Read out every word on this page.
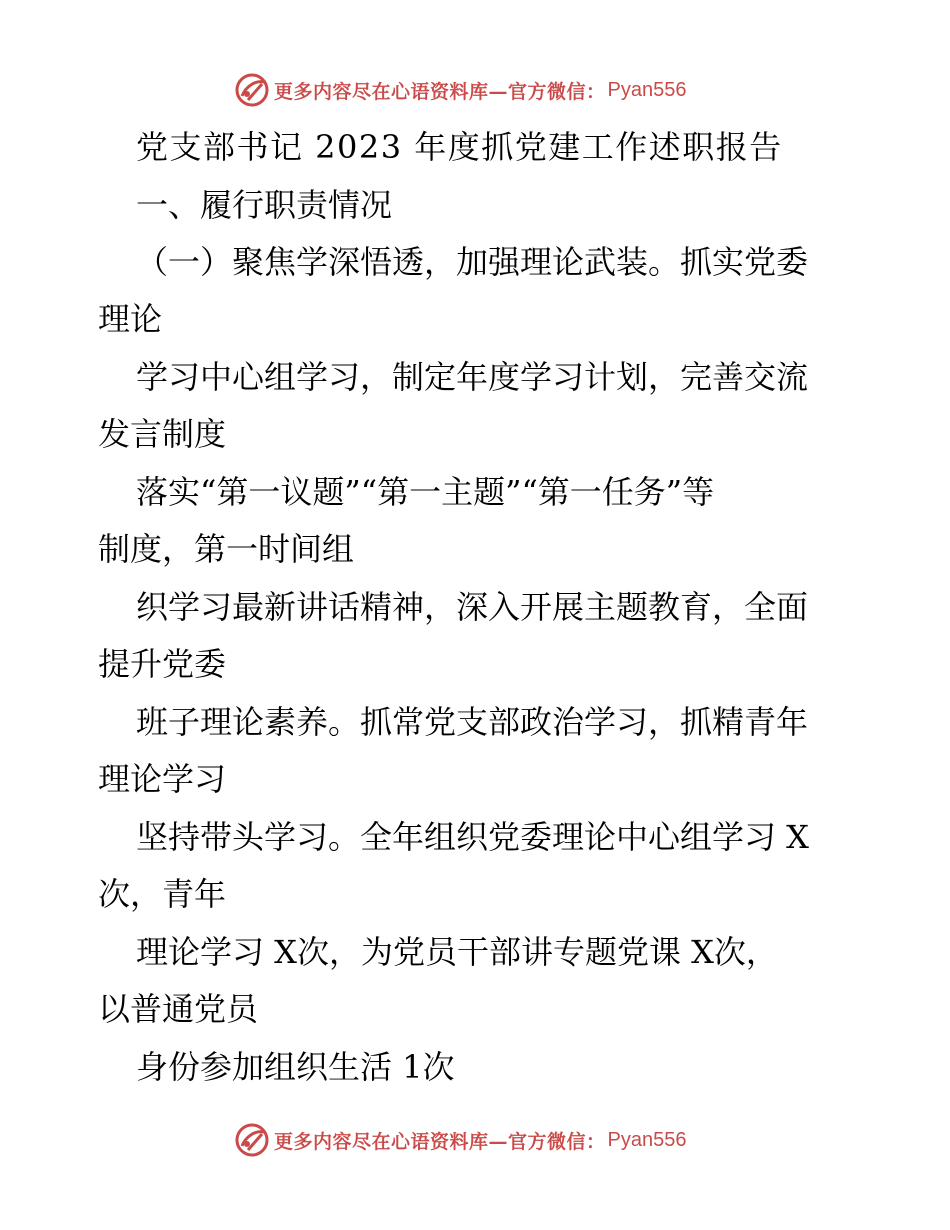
更多内容尽在心语资料库—官方微信： Pyan556
党支部书记 2023 年度抓党建工作述职报告
一、履行职责情况
（一）聚焦学深悟透，加强理论武装。抓实党委
理论
学习中心组学习，制定年度学习计划，完善交流
发言制度
落实“第一议题”“第一主题”“第一任务”等
制度，第一时间组
织学习最新讲话精神，深入开展主题教育，全面
提升党委
班子理论素养。抓常党支部政治学习，抓精青年
理论学习
坚持带头学习。全年组织党委理论中心组学习 X
次，青年
理论学习 X次，为党员干部讲专题党课 X次，
以普通党员
身份参加组织生活 1次
更多内容尽在心语资料库—官方微信： Pyan556
